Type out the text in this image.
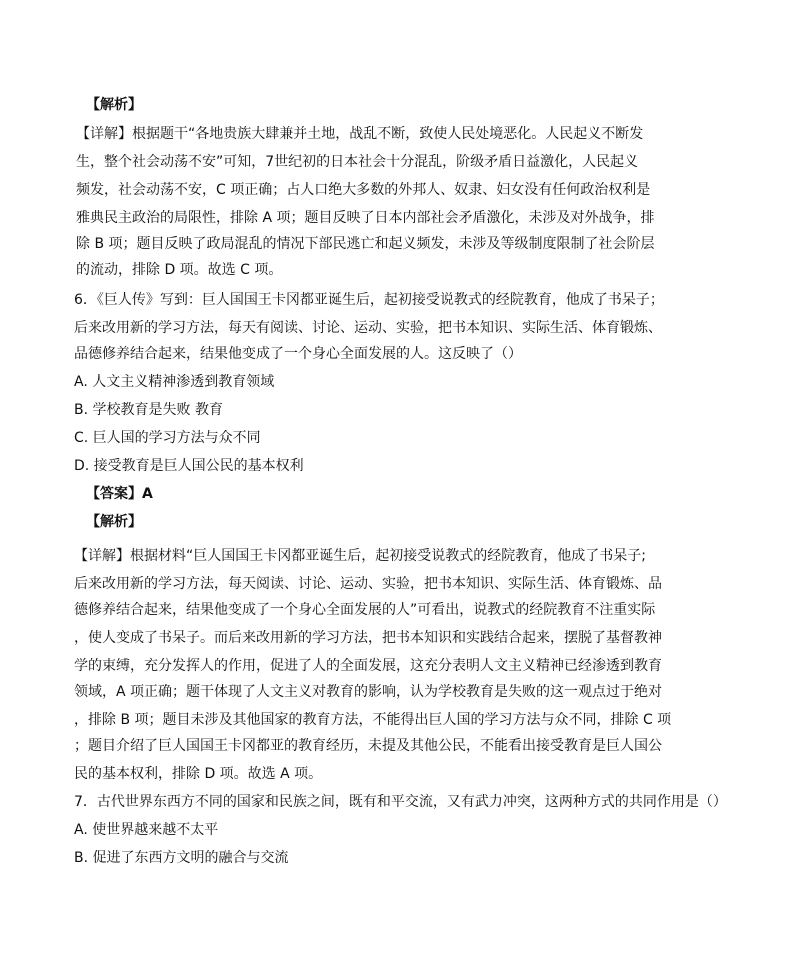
【解析】
【详解】根据题干“各地贵族大肆兼并土地，战乱不断，致使人民处境恶化。人民起义不断发
生，整个社会动荡不安”可知，7世纪初的日本社会十分混乱，阶级矛盾日益激化，人民起义
频发，社会动荡不安，C 项正确；占人口绝大多数的外邦人、奴隶、妇女没有任何政治权利是
雅典民主政治的局限性，排除 A 项；题目反映了日本内部社会矛盾激化，未涉及对外战争，排
除 B 项；题目反映了政局混乱的情况下部民逃亡和起义频发，未涉及等级制度限制了社会阶层
的流动，排除 D 项。故选 C 项。
6．《巨人传》写到：巨人国国王卡冈都亚诞生后，起初接受说教式的经院教育，他成了书呆子；
后来改用新的学习方法，每天有阅读、讨论、运动、实验，把书本知识、实际生活、体育锻炼、
品德修养结合起来，结果他变成了一个身心全面发展的人。这反映了（）
A. 人文主义精神渗透到教育领域
B. 学校教育是失败 教育
C. 巨人国的学习方法与众不同
D. 接受教育是巨人国公民的基本权利
【答案】A
【解析】
【详解】根据材料“巨人国国王卡冈都亚诞生后，起初接受说教式的经院教育，他成了书呆子;
后来改用新的学习方法，每天阅读、讨论、运动、实验，把书本知识、实际生活、体育锻炼、品
德修养结合起来，结果他变成了一个身心全面发展的人”可看出，说教式的经院教育不注重实际
，使人变成了书呆子。而后来改用新的学习方法，把书本知识和实践结合起来，摆脱了基督教神
学的束缚，充分发挥人的作用，促进了人的全面发展，这充分表明人文主义精神已经渗透到教育
领域，A 项正确；题干体现了人文主义对教育的影响，认为学校教育是失败的这一观点过于绝对
，排除 B 项；题目未涉及其他国家的教育方法，不能得出巨人国的学习方法与众不同，排除 C 项
；题目介绍了巨人国国王卡冈都亚的教育经历，未提及其他公民，不能看出接受教育是巨人国公
民的基本权利，排除 D 项。故选 A 项。
7．古代世界东西方不同的国家和民族之间，既有和平交流，又有武力冲突，这两种方式的共同作用是（）
A. 使世界越来越不太平
B. 促进了东西方文明的融合与交流
